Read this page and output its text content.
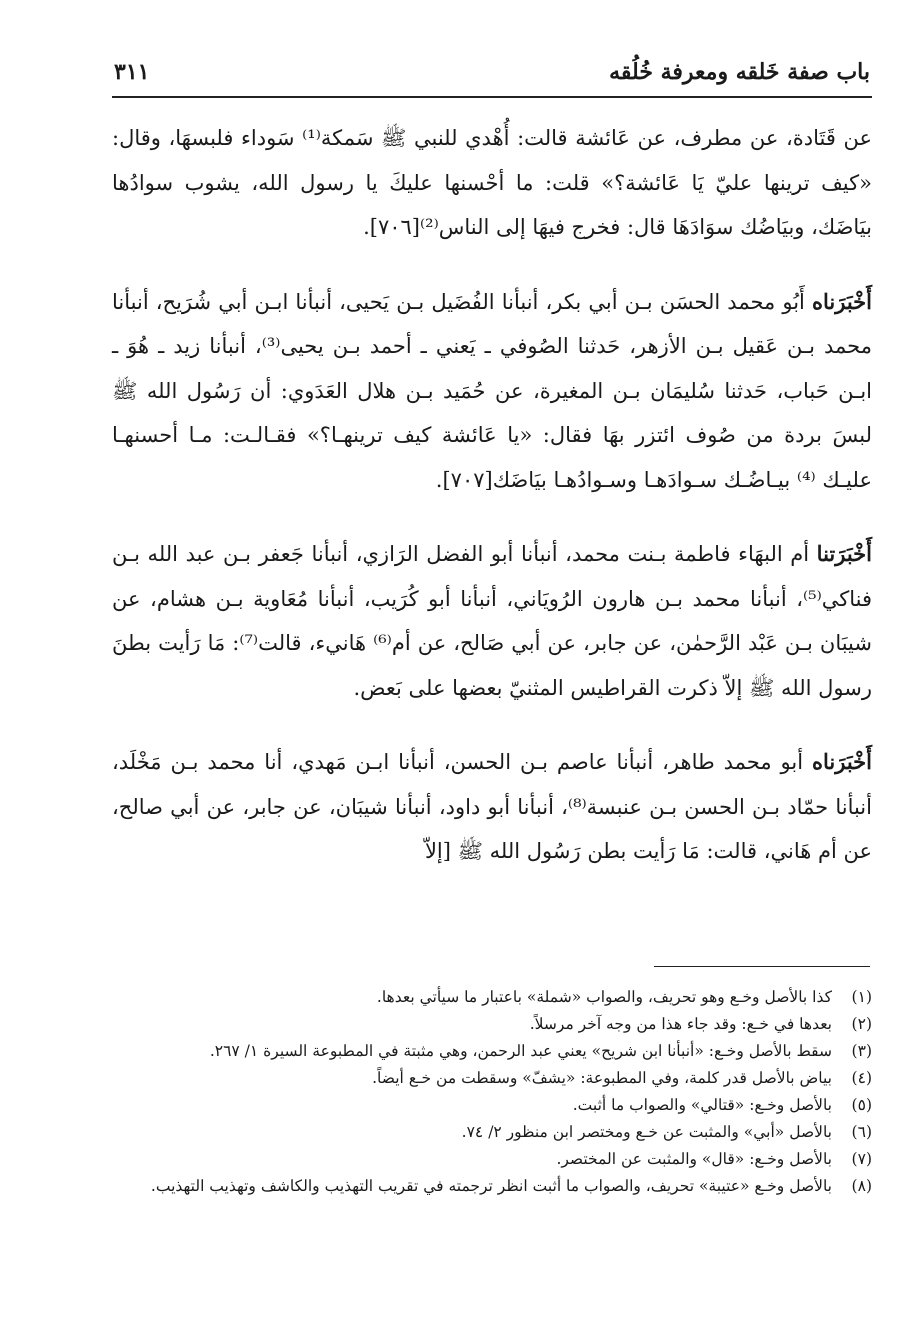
باب صفة خَلقه ومعرفة خُلُقه
٣١١

عن قَتَادة، عن مطرف، عن عَائشة قالت: أُهْدي للنبي ﷺ سَمكة⁽¹⁾ سَوداء فلبسهَا، وقال: «كيف ترينها عليّ يَا عَائشة؟» قلت: ما أحْسنها عليكَ يا رسول الله، يشوب سوادُها بيَاضَك، وبيَاضُك سوَادَهَا قال: فخرج فيهَا إلى الناس⁽²⁾[٧٠٦].

أَخْبَرَناه أَبُو محمد الحسَن بـن أبي بكر، أنبأنا الفُضَيل بـن يَحيى، أنبأنا ابـن أبي شُرَيح، أنبأنا محمد بـن عَقيل بـن الأزهر، حَدثنا الصُوفي ـ يَعني ـ أحمد بـن يحيى⁽³⁾، أنبأنا زيد ـ هُوَ ـ ابـن حَباب، حَدثنا سُليمَان بـن المغيرة، عن حُمَيد بـن هلال العَدَوي: أن رَسُول الله ﷺ لبسَ بردة من صُوف ائتزر بهَا فقال: «يا عَائشة كيف ترينهـا؟» فقـالـت: مـا أحسنهـا عليـك ⁽⁴⁾ بيـاضُـك سـوادَهـا وسـوادُهـا بيَاضَك[٧٠٧].

أَخْبَرَتنا أم البهَاء فاطمة بـنت محمد، أنبأنا أبو الفضل الرَازي، أنبأنا جَعفر بـن عبد الله بـن فناكي⁽⁵⁾، أنبأنا محمد بـن هارون الرُويَاني، أنبأنا أبو كُرَيب، أنبأنا مُعَاوية بـن هشام، عن شيبَان بـن عَبْد الرَّحمٰن، عن جابر، عن أبي صَالح، عن أم⁽⁶⁾ هَانيء، قالت⁽⁷⁾: مَا رَأيت بطنَ رسول الله ﷺ إلاّ ذكرت القراطيس المثنيّ بعضها على بَعض.

أَخْبَرَناه أبو محمد طاهر، أنبأنا عاصم بـن الحسن، أنبأنا ابـن مَهدي، أنا محمد بـن مَخْلَد، أنبأنا حمّاد بـن الحسن بـن عنبسة⁽⁸⁾، أنبأنا أبو داود، أنبأنا شيبَان، عن جابر، عن أبي صالح، عن أم هَاني، قالت: مَا رَأيت بطن رَسُول الله ﷺ [إلاّ

(١)
كذا بالأصل وخـع وهو تحريف، والصواب «شملة» باعتبار ما سيأتي بعدها.
(٢)
بعدها في خـع: وقد جاء هذا من وجه آخر مرسلاً.
(٣)
سقط بالأصل وخـع: «أنبأنا ابن شريح» يعني عبد الرحمن، وهي مثبتة في المطبوعة السيرة ١/ ٢٦٧.
(٤)
بياض بالأصل قدر كلمة، وفي المطبوعة: «يشفّ» وسقطت من خـع أيضاً.
(٥)
بالأصل وخـع: «قتالي» والصواب ما أثبت.
(٦)
بالأصل «أبي» والمثبت عن خـع ومختصر ابن منظور ٢/ ٧٤.
(٧)
بالأصل وخـع: «قال» والمثبت عن المختصر.
(٨)
بالأصل وخـع «عتيبة» تحريف، والصواب ما أثبت انظر ترجمته في تقريب التهذيب والكاشف وتهذيب التهذيب.
